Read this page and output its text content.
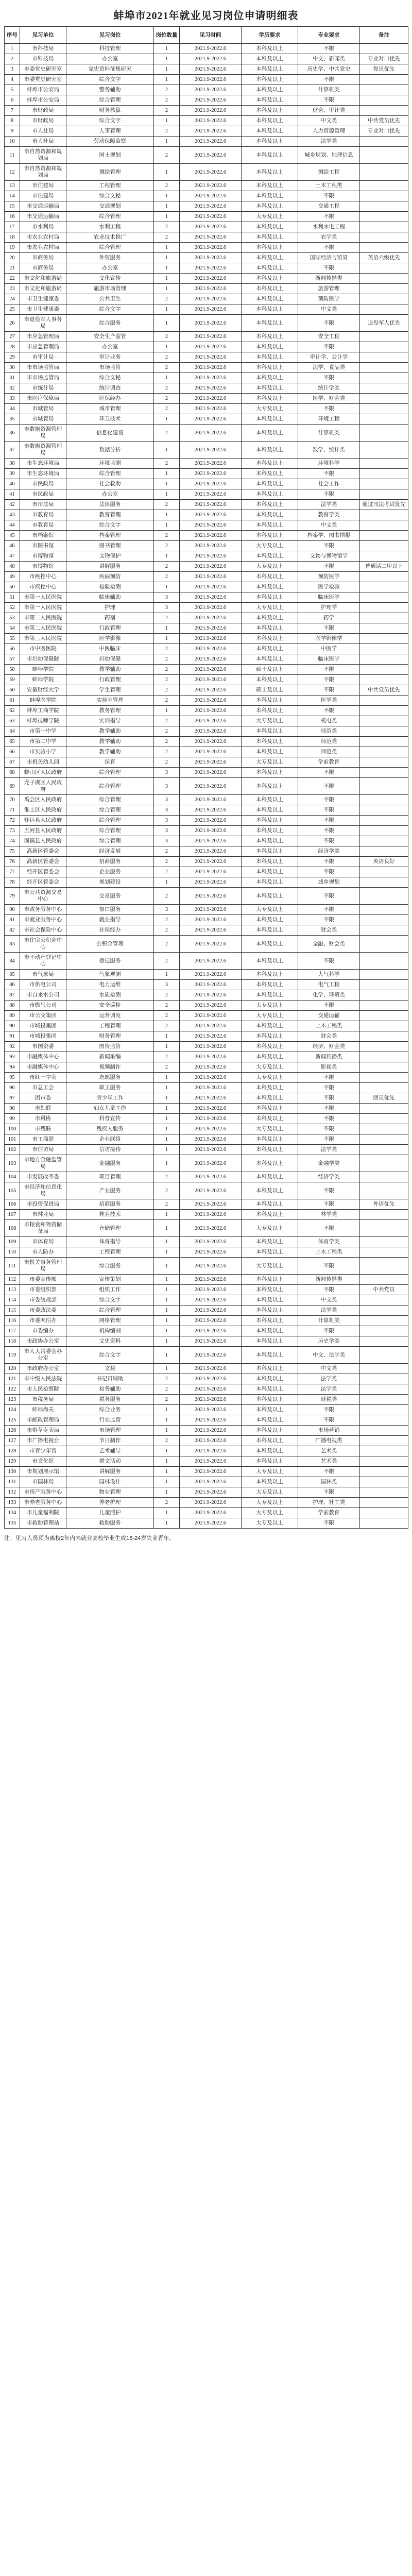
蚌埠市2021年就业见习岗位申请明细表
序号	见习单位	见习岗位	岗位数量	见习时间	学历要求	专业要求	备注
1	市科技局	科技管理	1	2021.9-2022.6	本科及以上	不限	
2	市科技局	办公室	1	2021.9-2022.6	本科及以上	中文、新闻类	专业对口优先
3	市委党史研究室	党史资料征集研究	1	2021.9-2022.6	本科及以上	历史学、中共党史	党员优先
4	市委党史研究室	综合文字	1	2021.9-2022.6	本科及以上	不限	
5	蚌埠市公安局	警务辅助	2	2021.9-2022.6	本科及以上	计算机类	
6	蚌埠市公安局	综合管理	2	2021.9-2022.6	本科及以上	不限	
7	市财政局	财务核算	2	2021.9-2022.6	本科及以上	财会、审计类	
8	市财政局	综合文字	1	2021.9-2022.6	本科及以上	中文类	中共党员优先
9	市人社局	人事管理	2	2021.9-2022.6	本科及以上	人力资源管理	专业对口优先
10	市人社局	劳动保障监察	1	2021.9-2022.6	本科及以上	法学类	
11	市自然资源和规划局	国土规划	2	2021.9-2022.6	本科及以上	城乡规划、地理信息	
12	市自然资源和规划局	测绘管理	1	2021.9-2022.6	本科及以上	测绘工程	
13	市住建局	工程管理	2	2021.9-2022.6	本科及以上	土木工程类	
14	市住建局	综合文秘	1	2021.9-2022.6	本科及以上	不限	
15	市交通运输局	交通规划	1	2021.9-2022.6	本科及以上	交通工程	
16	市交通运输局	综合管理	1	2021.9-2022.6	大专及以上	不限	
17	市水利局	水利工程	2	2021.9-2022.6	本科及以上	水利水电工程	
18	市农业农村局	农业技术推广	2	2021.9-2022.6	本科及以上	农学类	
19	市农业农村局	综合管理	1	2021.9-2022.6	本科及以上	不限	
20	市商务局	外贸服务	1	2021.9-2022.6	本科及以上	国际经济与贸易	英语六级优先
21	市商务局	办公室	1	2021.9-2022.6	本科及以上	不限	
22	市文化和旅游局	文化宣传	1	2021.9-2022.6	本科及以上	新闻传播类	
23	市文化和旅游局	旅游市场管理	1	2021.9-2022.6	本科及以上	旅游管理	
24	市卫生健康委	公共卫生	2	2021.9-2022.6	本科及以上	预防医学	
25	市卫生健康委	综合文字	1	2021.9-2022.6	本科及以上	中文类	
26	市退役军人事务局	综合服务	1	2021.9-2022.6	本科及以上	不限	退役军人优先
27	市应急管理局	安全生产监管	2	2021.9-2022.6	本科及以上	安全工程	
28	市应急管理局	办公室	1	2021.9-2022.6	本科及以上	不限	
29	市审计局	审计业务	2	2021.9-2022.6	本科及以上	审计学、会计学	
30	市市场监管局	市场监管	2	2021.9-2022.6	本科及以上	法学、食品类	
31	市市场监管局	综合文秘	1	2021.9-2022.6	本科及以上	不限	
32	市统计局	统计调查	2	2021.9-2022.6	本科及以上	统计学类	
33	市医疗保障局	医保经办	2	2021.9-2022.6	本科及以上	医学、财会类	
34	市城管局	城市管理	2	2021.9-2022.6	大专及以上	不限	
35	市城管局	环卫技术	1	2021.9-2022.6	本科及以上	环境工程	
36	市数据资源管理局	信息化建设	2	2021.9-2022.6	本科及以上	计算机类	
37	市数据资源管理局	数据分析	1	2021.9-2022.6	本科及以上	数学、统计类	
38	市生态环境局	环境监测	2	2021.9-2022.6	本科及以上	环境科学	
39	市生态环境局	综合管理	1	2021.9-2022.6	本科及以上	不限	
40	市民政局	社会救助	1	2021.9-2022.6	本科及以上	社会工作	
41	市民政局	办公室	1	2021.9-2022.6	本科及以上	不限	
42	市司法局	法律服务	2	2021.9-2022.6	本科及以上	法学类	通过司法考试优先
43	市教育局	教育管理	1	2021.9-2022.6	本科及以上	教育学类	
44	市教育局	综合文字	1	2021.9-2022.6	本科及以上	中文类	
45	市档案馆	档案管理	2	2021.9-2022.6	本科及以上	档案学、图书情报	
46	市图书馆	图书管理	2	2021.9-2022.6	大专及以上	不限	
47	市博物馆	文物保护	1	2021.9-2022.6	本科及以上	文物与博物馆学	
48	市博物馆	讲解服务	2	2021.9-2022.6	大专及以上	不限	普通话二甲以上
49	市疾控中心	疾病预防	2	2021.9-2022.6	本科及以上	预防医学	
50	市疾控中心	检验检测	1	2021.9-2022.6	本科及以上	医学检验	
51	市第一人民医院	临床辅助	3	2021.9-2022.6	本科及以上	临床医学	
52	市第一人民医院	护理	3	2021.9-2022.6	大专及以上	护理学	
53	市第二人民医院	药剂	2	2021.9-2022.6	本科及以上	药学	
54	市第二人民医院	行政管理	1	2021.9-2022.6	本科及以上	不限	
55	市第三人民医院	医学影像	1	2021.9-2022.6	本科及以上	医学影像学	
56	市中医医院	中医临床	2	2021.9-2022.6	本科及以上	中医学	
57	市妇幼保健院	妇幼保健	2	2021.9-2022.6	本科及以上	临床医学	
58	蚌埠学院	教学辅助	2	2021.9-2022.6	硕士及以上	不限	
59	蚌埠学院	行政管理	2	2021.9-2022.6	本科及以上	不限	
60	安徽财经大学	学生管理	2	2021.9-2022.6	硕士及以上	不限	中共党员优先
61	蚌埠医学院	实验室管理	2	2021.9-2022.6	本科及以上	医学类	
62	蚌埠工商学院	教务管理	1	2021.9-2022.6	本科及以上	不限	
63	蚌埠技师学院	实训指导	2	2021.9-2022.6	大专及以上	机电类	
64	市第一中学	教学辅助	2	2021.9-2022.6	本科及以上	师范类	
65	市第二中学	教学辅助	2	2021.9-2022.6	本科及以上	师范类	
66	市实验小学	教学辅助	2	2021.9-2022.6	本科及以上	师范类	
67	市机关幼儿园	保育	2	2021.9-2022.6	大专及以上	学前教育	
68	蚌山区人民政府	综合管理	3	2021.9-2022.6	本科及以上	不限	
69	龙子湖区人民政府	综合管理	3	2021.9-2022.6	本科及以上	不限	
70	禹会区人民政府	综合管理	3	2021.9-2022.6	本科及以上	不限	
71	淮上区人民政府	综合管理	3	2021.9-2022.6	本科及以上	不限	
72	怀远县人民政府	综合管理	3	2021.9-2022.6	本科及以上	不限	
73	五河县人民政府	综合管理	3	2021.9-2022.6	本科及以上	不限	
74	固镇县人民政府	综合管理	3	2021.9-2022.6	本科及以上	不限	
75	高新区管委会	经济发展	2	2021.9-2022.6	本科及以上	经济学类	
76	高新区管委会	招商服务	2	2021.9-2022.6	本科及以上	不限	英语良好
77	经开区管委会	企业服务	2	2021.9-2022.6	本科及以上	不限	
78	经开区管委会	规划建设	1	2021.9-2022.6	本科及以上	城乡规划	
79	市公共资源交易中心	交易服务	2	2021.9-2022.6	本科及以上	不限	
80	市政务服务中心	窗口服务	3	2021.9-2022.6	大专及以上	不限	
81	市就业服务中心	就业指导	2	2021.9-2022.6	本科及以上	不限	
82	市社会保险中心	社保经办	2	2021.9-2022.6	本科及以上	财会类	
83	市住房公积金中心	公积金管理	2	2021.9-2022.6	本科及以上	金融、财会类	
84	市不动产登记中心	登记服务	2	2021.9-2022.6	本科及以上	不限	
85	市气象局	气象观测	1	2021.9-2022.6	本科及以上	大气科学	
86	市供电公司	电力运维	3	2021.9-2022.6	本科及以上	电气工程	
87	市自来水公司	水质检测	2	2021.9-2022.6	本科及以上	化学、环境类	
88	市燃气公司	安全巡检	2	2021.9-2022.6	大专及以上	不限	
89	市公交集团	运营调度	2	2021.9-2022.6	大专及以上	交通运输	
90	市城投集团	工程管理	2	2021.9-2022.6	本科及以上	土木工程类	
91	市城投集团	财务管理	1	2021.9-2022.6	本科及以上	财会类	
92	市国资委	国资监管	1	2021.9-2022.6	本科及以上	经济、财会类	
93	市融媒体中心	新闻采编	2	2021.9-2022.6	本科及以上	新闻传播类	
94	市融媒体中心	视频制作	2	2021.9-2022.6	大专及以上	影视类	
95	市红十字会	志愿服务	1	2021.9-2022.6	大专及以上	不限	
96	市总工会	职工服务	1	2021.9-2022.6	本科及以上	不限	
97	团市委	青少年工作	1	2021.9-2022.6	本科及以上	不限	团员优先
98	市妇联	妇女儿童工作	1	2021.9-2022.6	本科及以上	不限	
99	市科协	科普宣传	1	2021.9-2022.6	本科及以上	不限	
100	市残联	残疾人服务	1	2021.9-2022.6	大专及以上	不限	
101	市工商联	企业联络	1	2021.9-2022.6	本科及以上	不限	
102	市信访局	信访接待	1	2021.9-2022.6	本科及以上	法学类	
103	市地方金融监管局	金融服务	1	2021.9-2022.6	本科及以上	金融学类	
104	市发展改革委	项目管理	2	2021.9-2022.6	本科及以上	经济学类	
105	市经济和信息化局	产业服务	2	2021.9-2022.6	本科及以上	不限	
106	市投资促进局	招商服务	2	2021.9-2022.6	本科及以上	不限	外语优先
107	市林业局	林业技术	1	2021.9-2022.6	本科及以上	林学类	
108	市粮食和物资储备局	仓储管理	1	2021.9-2022.6	大专及以上	不限	
109	市体育局	体育指导	1	2021.9-2022.6	本科及以上	体育学类	
110	市人防办	工程管理	1	2021.9-2022.6	本科及以上	土木工程类	
111	市机关事务管理局	综合服务	1	2021.9-2022.6	大专及以上	不限	
112	市委宣传部	宣传策划	1	2021.9-2022.6	本科及以上	新闻传播类	
113	市委组织部	组织工作	1	2021.9-2022.6	本科及以上	不限	中共党员
114	市委统战部	综合文字	1	2021.9-2022.6	本科及以上	中文类	
115	市委政法委	综合管理	1	2021.9-2022.6	本科及以上	法学类	
116	市委网信办	网络管理	1	2021.9-2022.6	本科及以上	计算机类	
117	市委编办	机构编制	1	2021.9-2022.6	本科及以上	不限	
118	市政协办公室	文史资料	1	2021.9-2022.6	本科及以上	历史学类	
119	市人大常委会办公室	综合文字	1	2021.9-2022.6	本科及以上	中文、法学类	
120	市政府办公室	文秘	1	2021.9-2022.6	本科及以上	中文类	
121	市中级人民法院	书记员辅助	2	2021.9-2022.6	本科及以上	法学类	
122	市人民检察院	检务辅助	2	2021.9-2022.6	本科及以上	法学类	
123	市税务局	税务服务	2	2021.9-2022.6	本科及以上	财税类	
124	蚌埠海关	综合业务	1	2021.9-2022.6	本科及以上	不限	
125	市邮政管理局	行业监管	1	2021.9-2022.6	本科及以上	不限	
126	市烟草专卖局	市场管理	1	2021.9-2022.6	本科及以上	市场营销	
127	市广播电视台	节目制作	2	2021.9-2022.6	本科及以上	广播电视类	
128	市青少年宫	艺术辅导	1	2021.9-2022.6	本科及以上	艺术类	
129	市文化馆	群文活动	1	2021.9-2022.6	本科及以上	艺术类	
130	市规划展示馆	讲解服务	1	2021.9-2022.6	大专及以上	不限	
131	市园林局	园林设计	1	2021.9-2022.6	本科及以上	园林类	
132	市房产服务中心	物业管理	1	2021.9-2022.6	大专及以上	不限	
133	市养老服务中心	养老护理	2	2021.9-2022.6	大专及以上	护理、社工类	
134	市儿童福利院	儿童照护	1	2021.9-2022.6	大专及以上	学前教育	
135	市救助管理站	救助服务	1	2021.9-2022.6	大专及以上	不限	
注：见习人员须为离校2年内未就业高校毕业生或16-24岁失业青年。
